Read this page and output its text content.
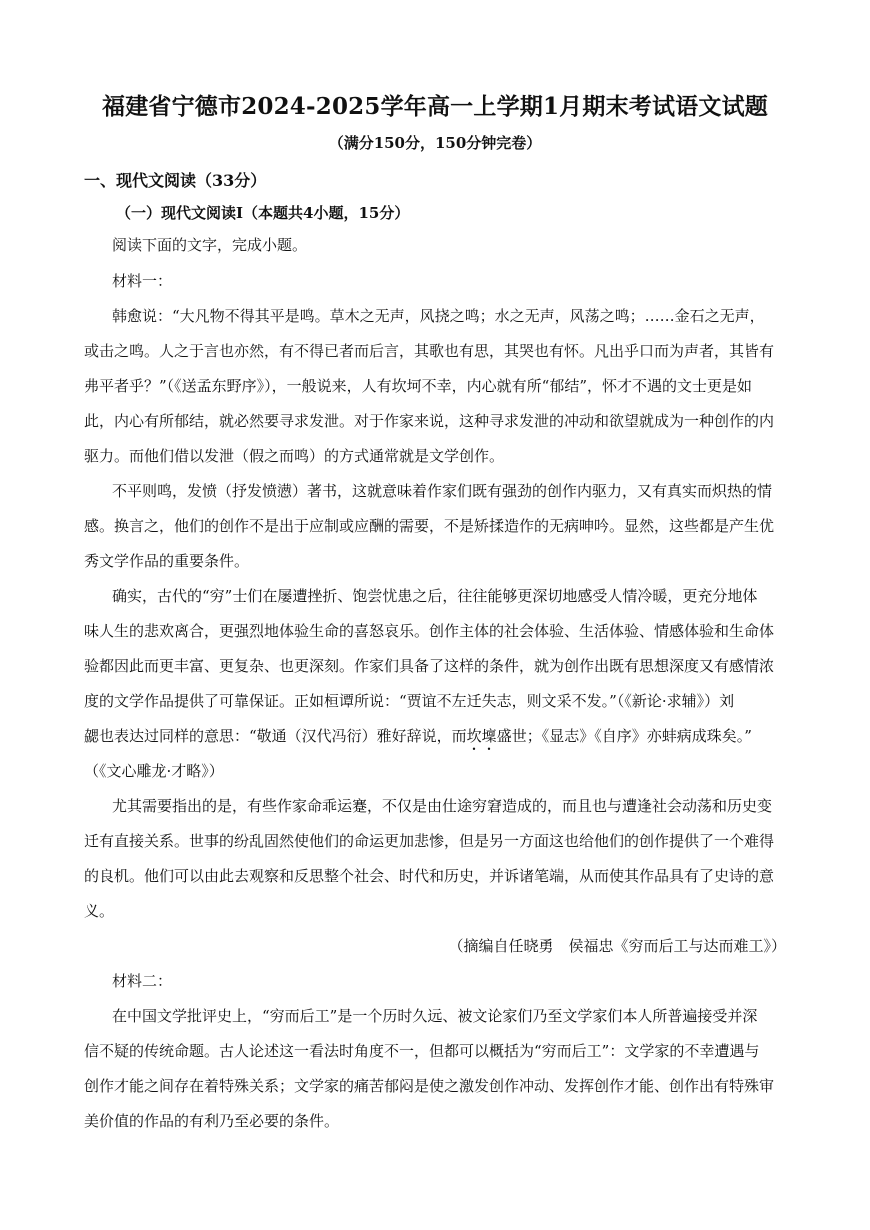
福建省宁德市2024-2025学年高一上学期1月期末考试语文试题
（满分150分，150分钟完卷）
一、现代文阅读（33分）
（一）现代文阅读Ⅰ（本题共4小题，15分）
阅读下面的文字，完成小题。
材料一：
韩愈说：“大凡物不得其平是鸣。草木之无声，风挠之鸣；水之无声，风荡之鸣；……金石之无声，
或击之鸣。人之于言也亦然，有不得已者而后言，其歌也有思，其哭也有怀。凡出乎口而为声者，其皆有
弗平者乎？”（《送孟东野序》），一般说来，人有坎坷不幸，内心就有所“郁结”，怀才不遇的文士更是如
此，内心有所郁结，就必然要寻求发泄。对于作家来说，这种寻求发泄的冲动和欲望就成为一种创作的内
驱力。而他们借以发泄（假之而鸣）的方式通常就是文学创作。
不平则鸣，发愤（抒发愤懑）著书，这就意味着作家们既有强劲的创作内驱力，又有真实而炽热的情
感。换言之，他们的创作不是出于应制或应酬的需要，不是矫揉造作的无病呻吟。显然，这些都是产生优
秀文学作品的重要条件。
确实，古代的“穷”士们在屡遭挫折、饱尝忧患之后，往往能够更深切地感受人情冷暖，更充分地体
味人生的悲欢离合，更强烈地体验生命的喜怒哀乐。创作主体的社会体验、生活体验、情感体验和生命体
验都因此而更丰富、更复杂、也更深刻。作家们具备了这样的条件，就为创作出既有思想深度又有感情浓
度的文学作品提供了可靠保证。正如桓谭所说：“贾谊不左迁失志，则文采不发。”（《新论·求辅》）刘
勰也表达过同样的意思：“敬通（汉代冯衍）雅好辞说，而坎壈盛世；《显志》《自序》亦蚌病成珠矣。”
（《文心雕龙·才略》）
尤其需要指出的是，有些作家命乖运蹇，不仅是由仕途穷窘造成的，而且也与遭逢社会动荡和历史变
迁有直接关系。世事的纷乱固然使他们的命运更加悲惨，但是另一方面这也给他们的创作提供了一个难得
的良机。他们可以由此去观察和反思整个社会、时代和历史，并诉诸笔端，从而使其作品具有了史诗的意
义。
（摘编自任晓勇　侯福忠《穷而后工与达而难工》）
材料二：
在中国文学批评史上，“穷而后工”是一个历时久远、被文论家们乃至文学家们本人所普遍接受并深
信不疑的传统命题。古人论述这一看法时角度不一，但都可以概括为“穷而后工”：文学家的不幸遭遇与
创作才能之间存在着特殊关系；文学家的痛苦郁闷是使之激发创作冲动、发挥创作才能、创作出有特殊审
美价值的作品的有利乃至必要的条件。
